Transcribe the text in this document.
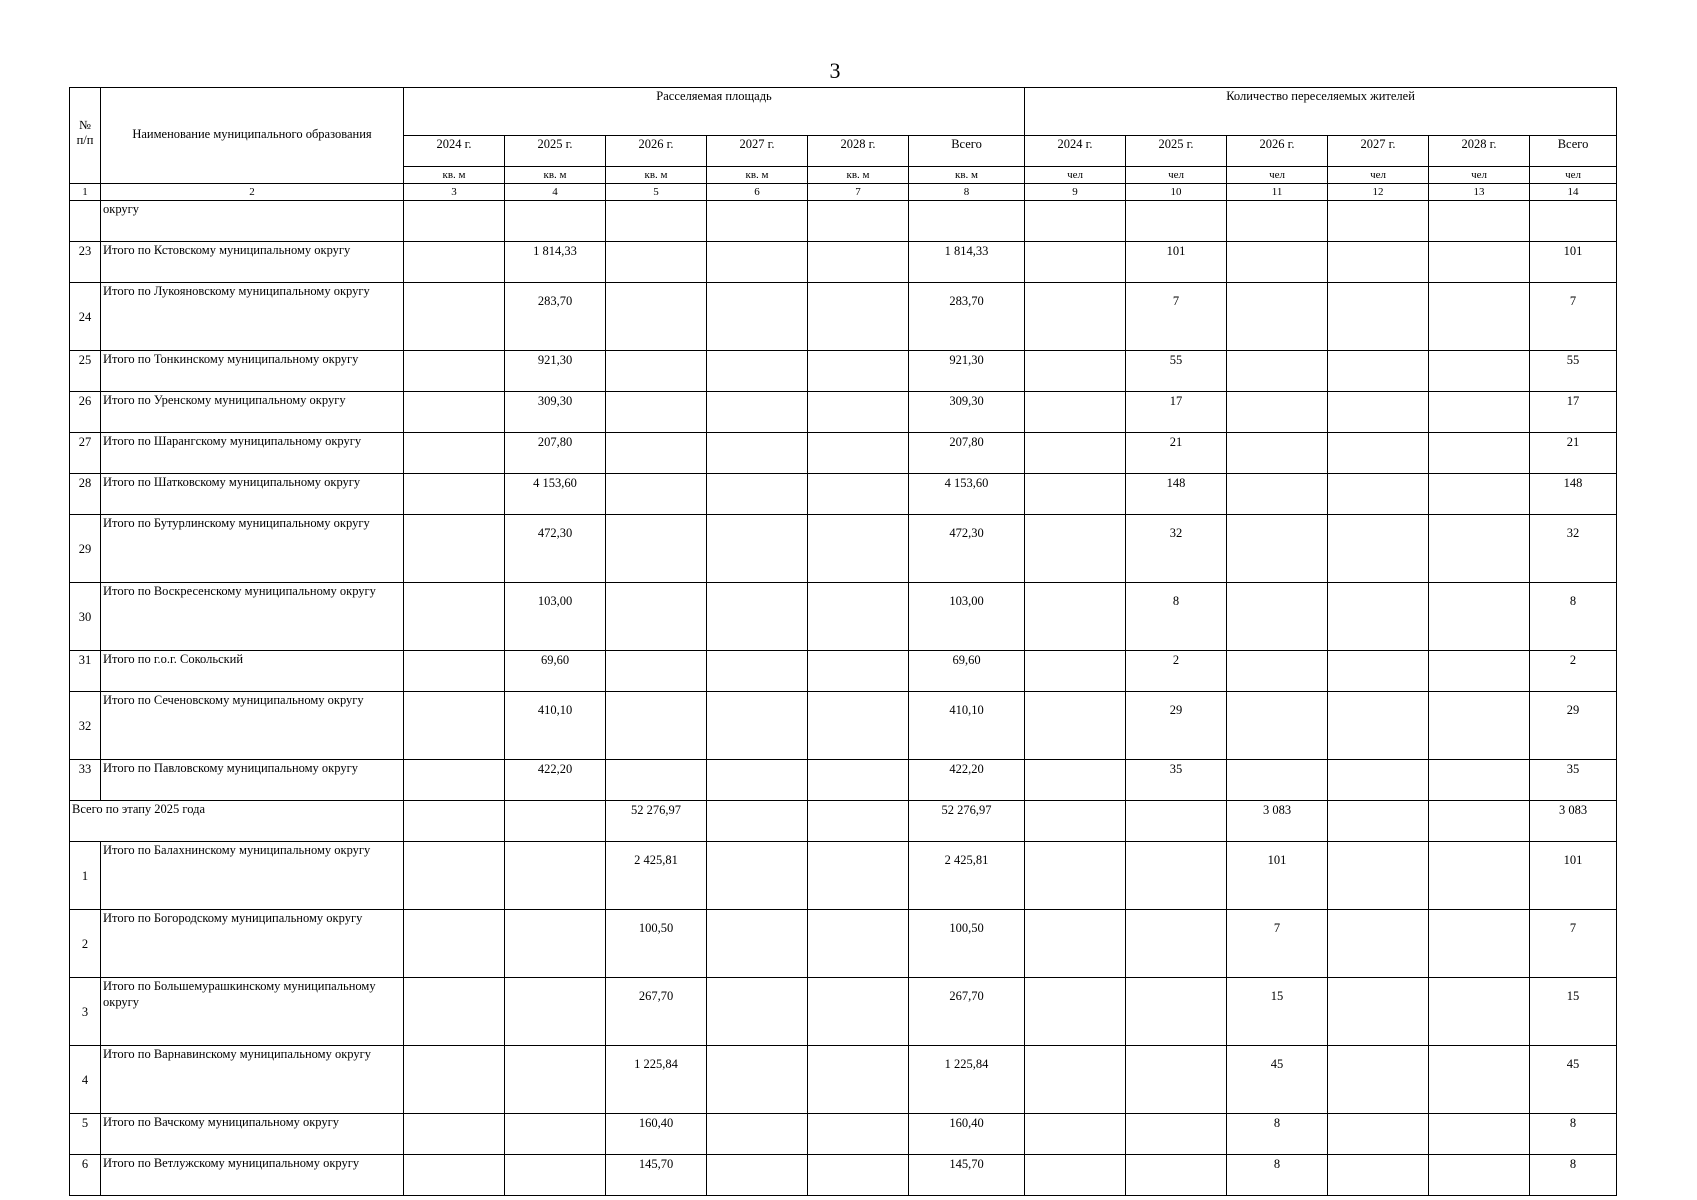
3
№
п/п	Наименование муниципального образования	Расселяемая площадь						Количество переселяемых жителей					
		2024 г.	2025 г.	2026 г.	2027 г.	2028 г.	Всего	2024 г.	2025 г.	2026 г.	2027 г.	2028 г.	Всего
		кв. м	кв. м	кв. м	кв. м	кв. м	кв. м	чел	чел	чел	чел	чел	чел
1	2	3	4	5	6	7	8	9	10	11	12	13	14
	округу												
23	Итого по Кстовскому муниципальному округу		1 814,33				1 814,33		101				101
24	Итого по Лукояновскому муниципальному округу		283,70				283,70		7				7
25	Итого по Тонкинскому муниципальному округу		921,30				921,30		55				55
26	Итого по Уренскому муниципальному округу		309,30				309,30		17				17
27	Итого по Шарангскому муниципальному округу		207,80				207,80		21				21
28	Итого по Шатковскому муниципальному округу		4 153,60				4 153,60		148				148
29	Итого по Бутурлинскому муниципальному округу		472,30				472,30		32				32
30	Итого по Воскресенскому муниципальному округу		103,00				103,00		8				8
31	Итого по г.о.г. Сокольский		69,60				69,60		2				2
32	Итого по Сеченовскому муниципальному округу		410,10				410,10		29				29
33	Итого по Павловскому муниципальному округу		422,20				422,20		35				35
Всего по этапу 2025 года				52 276,97			52 276,97			3 083			3 083
1	Итого по Балахнинскому муниципальному округу			2 425,81			2 425,81			101			101
2	Итого по Богородскому муниципальному округу			100,50			100,50			7			7
3	Итого по Большемурашкинскому муниципальному округу			267,70			267,70			15			15
4	Итого по Варнавинскому муниципальному округу			1 225,84			1 225,84			45			45
5	Итого по Вачскому муниципальному округу			160,40			160,40			8			8
6	Итого по Ветлужскому муниципальному округу			145,70			145,70			8			8
